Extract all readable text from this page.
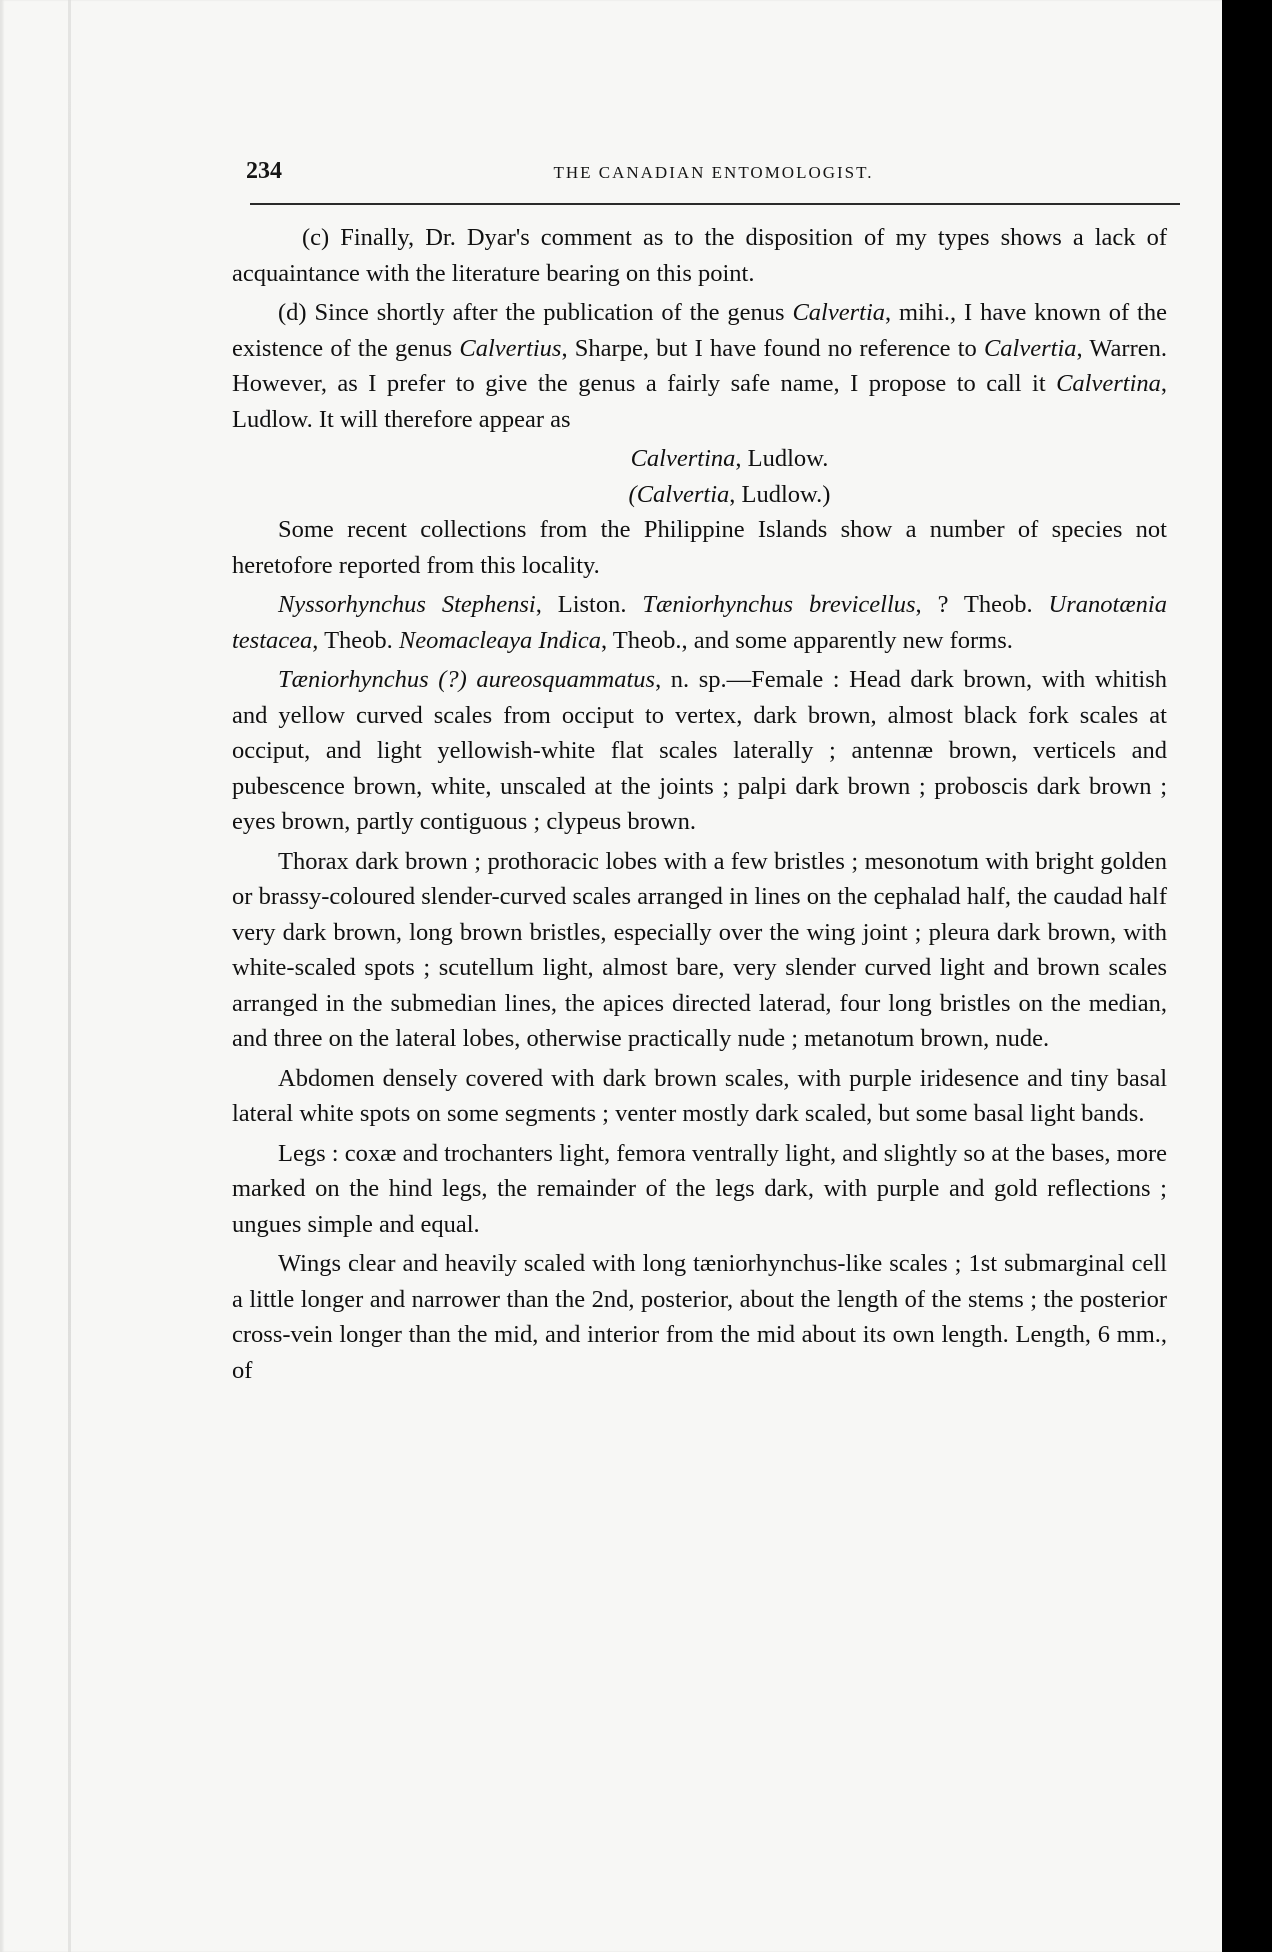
234	THE CANADIAN ENTOMOLOGIST.

(c) Finally, Dr. Dyar's comment as to the disposition of my types shows a lack of acquaintance with the literature bearing on this point.

(d) Since shortly after the publication of the genus Calvertia, mihi., I have known of the existence of the genus Calvertius, Sharpe, but I have found no reference to Calvertia, Warren. However, as I prefer to give the genus a fairly safe name, I propose to call it Calvertina, Ludlow. It will therefore appear as

Calvertina, Ludlow.
(Calvertia, Ludlow.)

Some recent collections from the Philippine Islands show a number of species not heretofore reported from this locality.

Nyssorhynchus Stephensi, Liston. Tæniorhynchus brevicellus, ? Theob. Uranotænia testacea, Theob. Neomacleaya Indica, Theob., and some apparently new forms.

Tæniorhynchus (?) aureosquammatus, n. sp.—Female : Head dark brown, with whitish and yellow curved scales from occiput to vertex, dark brown, almost black fork scales at occiput, and light yellowish-white flat scales laterally ; antennæ brown, verticels and pubescence brown, white, unscaled at the joints ; palpi dark brown ; proboscis dark brown ; eyes brown, partly contiguous ; clypeus brown.

Thorax dark brown ; prothoracic lobes with a few bristles ; mesonotum with bright golden or brassy-coloured slender-curved scales arranged in lines on the cephalad half, the caudad half very dark brown, long brown bristles, especially over the wing joint ; pleura dark brown, with white-scaled spots ; scutellum light, almost bare, very slender curved light and brown scales arranged in the submedian lines, the apices directed laterad, four long bristles on the median, and three on the lateral lobes, otherwise practically nude ; metanotum brown, nude.

Abdomen densely covered with dark brown scales, with purple iridesence and tiny basal lateral white spots on some segments ; venter mostly dark scaled, but some basal light bands.

Legs : coxæ and trochanters light, femora ventrally light, and slightly so at the bases, more marked on the hind legs, the remainder of the legs dark, with purple and gold reflections ; ungues simple and equal.

Wings clear and heavily scaled with long tæniorhynchus-like scales ; 1st submarginal cell a little longer and narrower than the 2nd, posterior, about the length of the stems ; the posterior cross-vein longer than the mid, and interior from the mid about its own length. Length, 6 mm., of
